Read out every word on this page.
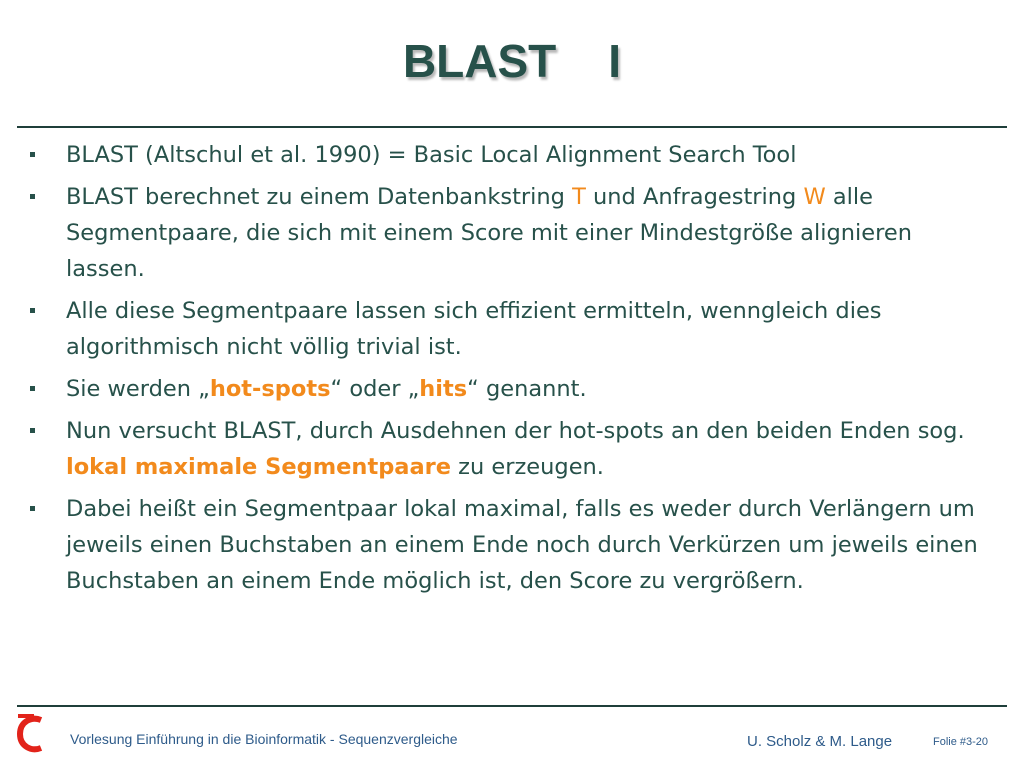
BLAST I
BLAST (Altschul et al. 1990) = Basic Local Alignment Search Tool
BLAST berechnet zu einem Datenbankstring T und Anfragestring W alle Segmentpaare, die sich mit einem Score mit einer Mindestgröße alignieren lassen.
Alle diese Segmentpaare lassen sich effizient ermitteln, wenngleich dies algorithmisch nicht völlig trivial ist.
Sie werden „hot-spots“ oder „hits“ genannt.
Nun versucht BLAST, durch Ausdehnen der hot-spots an den beiden Enden sog. lokal maximale Segmentpaare zu erzeugen.
Dabei heißt ein Segmentpaar lokal maximal, falls es weder durch Verlängern um jeweils einen Buchstaben an einem Ende noch durch Verkürzen um jeweils einen Buchstaben an einem Ende möglich ist, den Score zu vergrößern.
Vorlesung Einführung in die Bioinformatik - Sequenzvergleiche	U. Scholz & M. Lange	Folie #3-20
